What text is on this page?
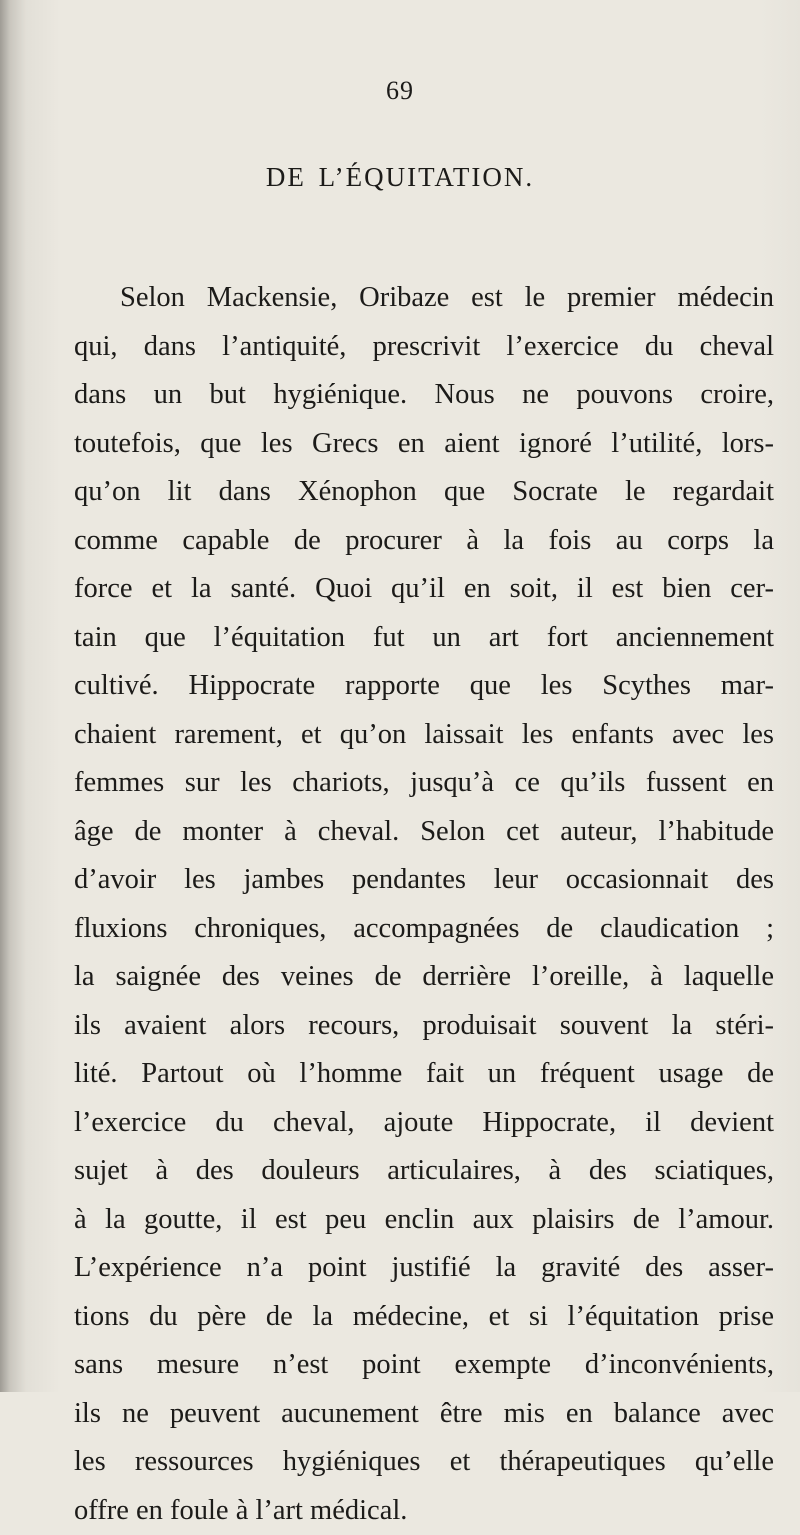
69
DE L’ÉQUITATION.
Selon Mackensie, Oribaze est le premier médecin
qui, dans l’antiquité, prescrivit l’exercice du cheval
dans un but hygiénique. Nous ne pouvons croire,
toutefois, que les Grecs en aient ignoré l’utilité, lors-
qu’on lit dans Xénophon que Socrate le regardait
comme capable de procurer à la fois au corps la
force et la santé. Quoi qu’il en soit, il est bien cer-
tain que l’équitation fut un art fort anciennement
cultivé. Hippocrate rapporte que les Scythes mar-
chaient rarement, et qu’on laissait les enfants avec les
femmes sur les chariots, jusqu’à ce qu’ils fussent en
âge de monter à cheval. Selon cet auteur, l’habitude
d’avoir les jambes pendantes leur occasionnait des
fluxions chroniques, accompagnées de claudication ;
la saignée des veines de derrière l’oreille, à laquelle
ils avaient alors recours, produisait souvent la stéri-
lité. Partout où l’homme fait un fréquent usage de
l’exercice du cheval, ajoute Hippocrate, il devient
sujet à des douleurs articulaires, à des sciatiques,
à la goutte, il est peu enclin aux plaisirs de l’amour.
L’expérience n’a point justifié la gravité des asser-
tions du père de la médecine, et si l’équitation prise
sans mesure n’est point exempte d’inconvénients,
ils ne peuvent aucunement être mis en balance avec
les ressources hygiéniques et thérapeutiques qu’elle
offre en foule à l’art médical.
